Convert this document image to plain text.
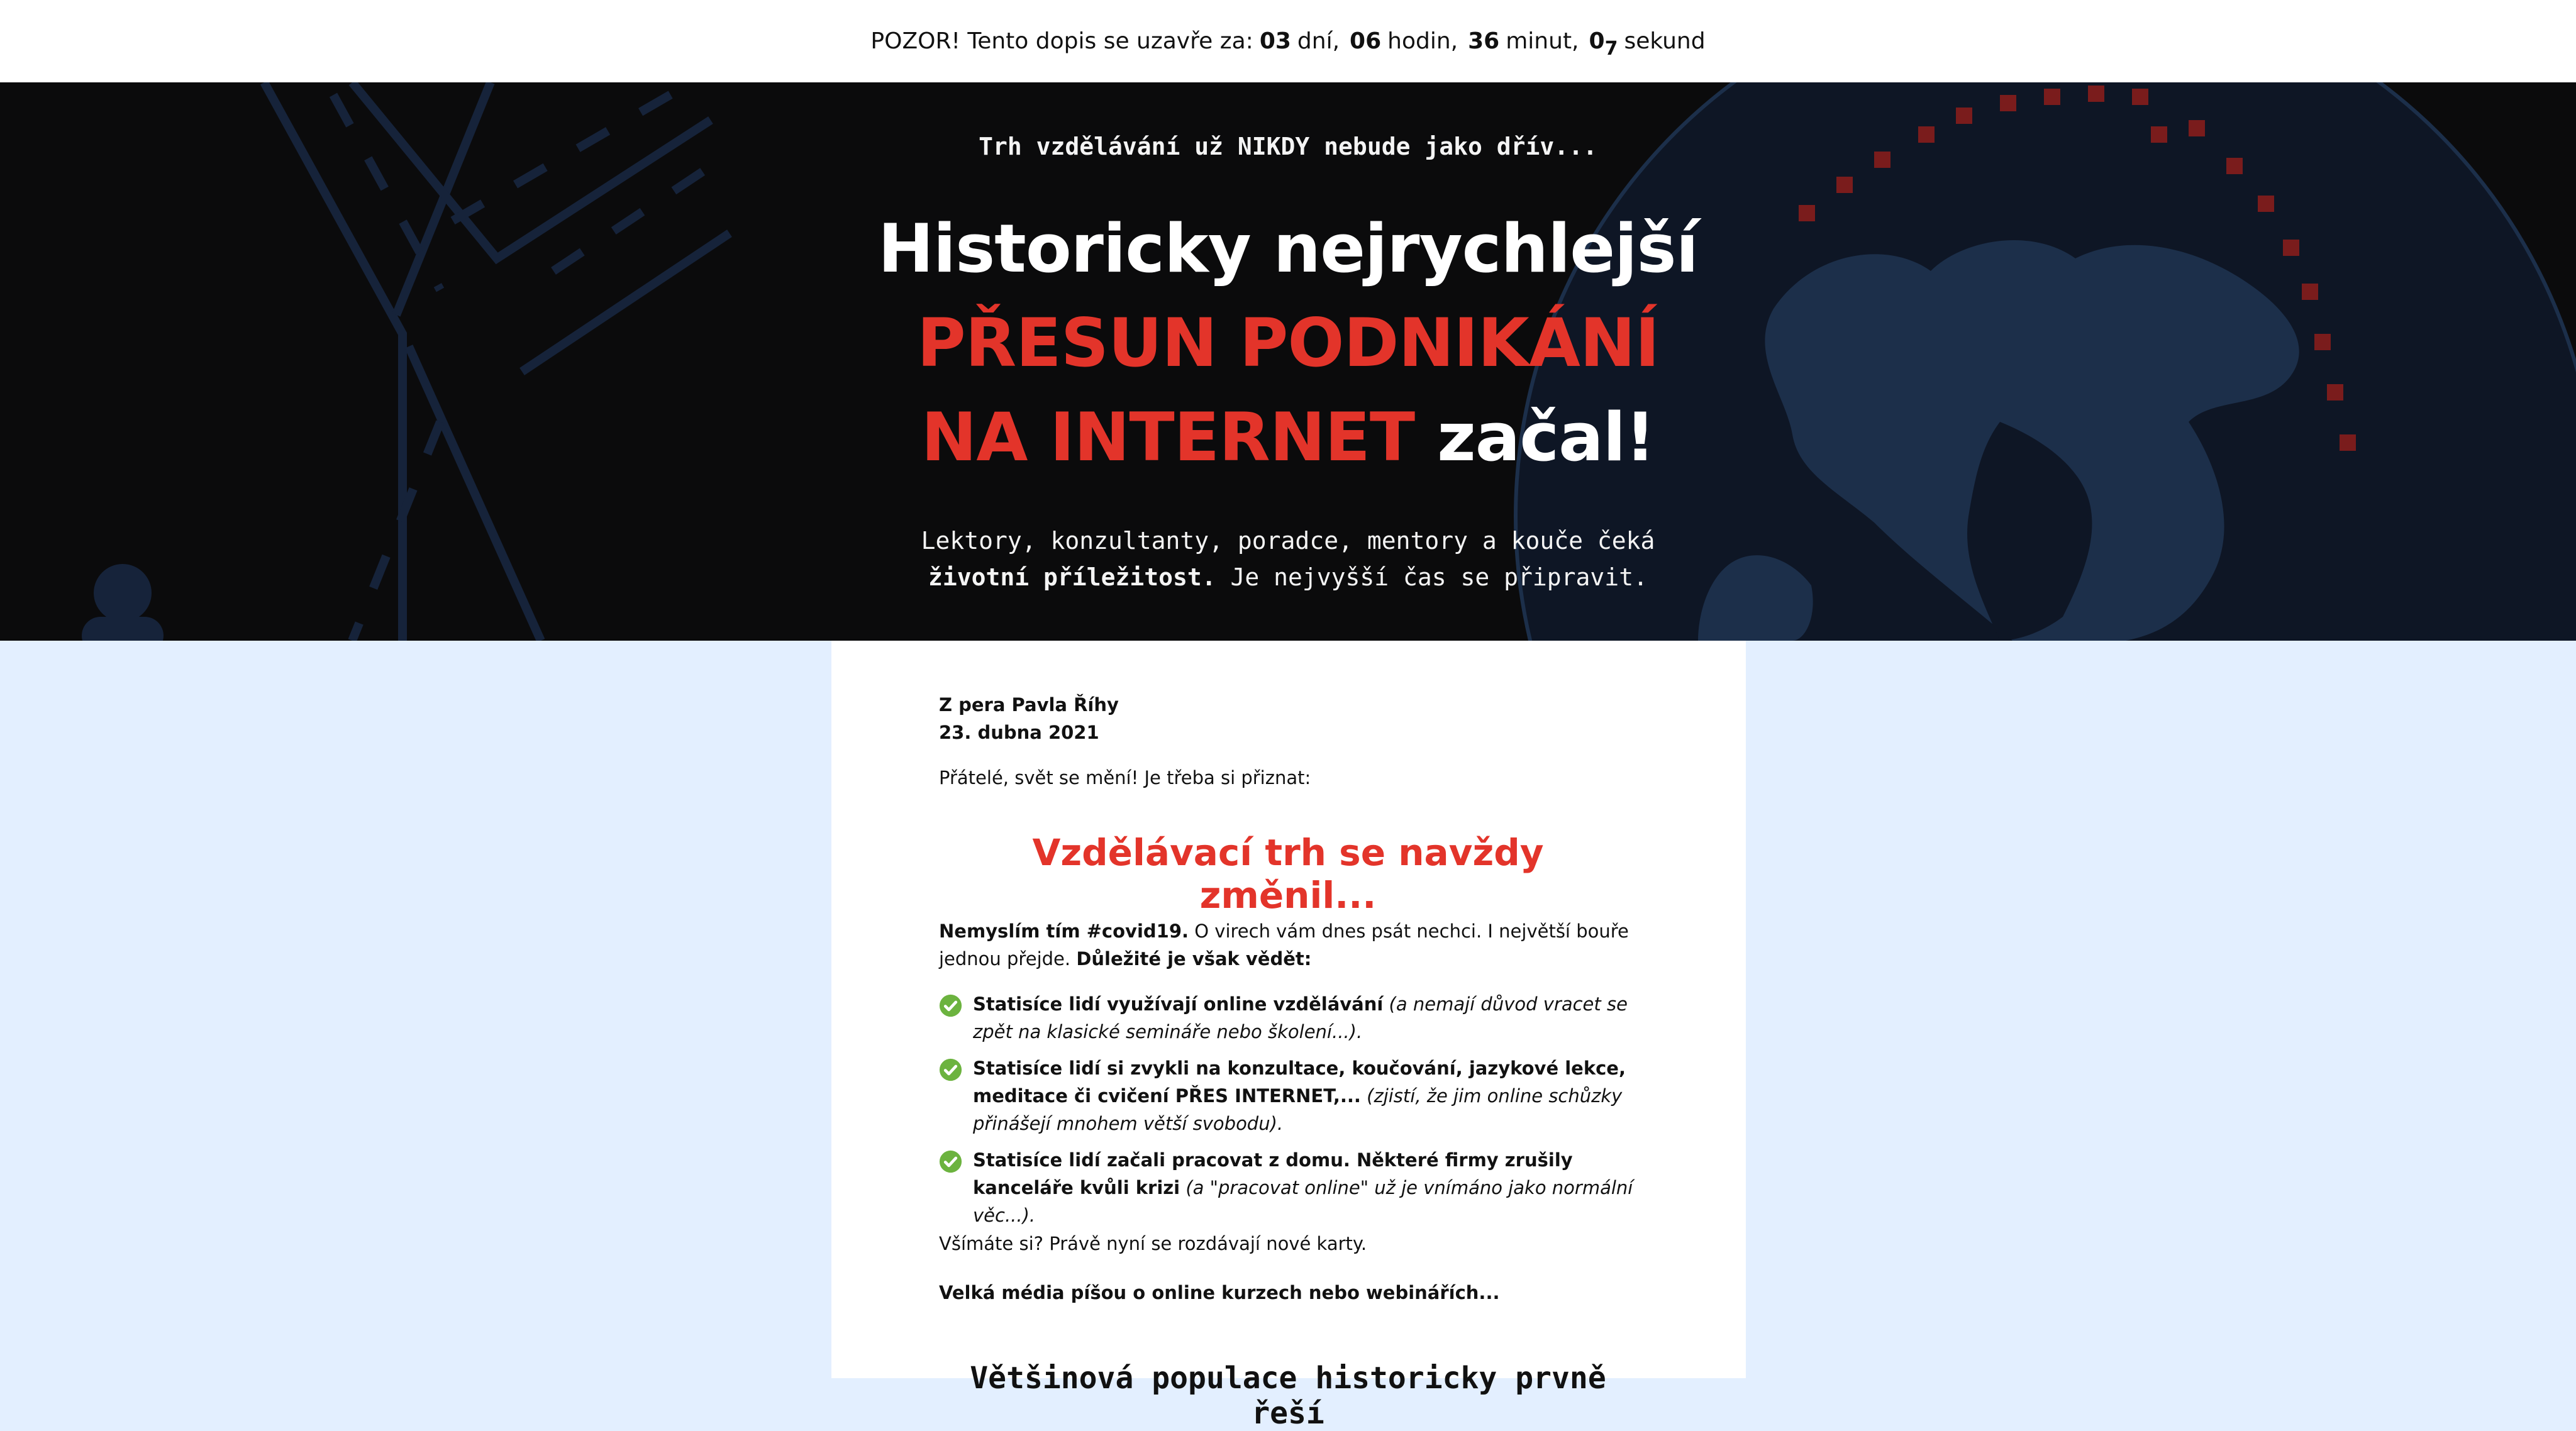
POZOR! Tento dopis se uzavře za: 03 dní, 06 hodin, 36 minut, 0 7 sekund
Trh vzdělávání už NIKDY nebude jako dřív...
Historicky nejrychlejší
PŘESUN PODNIKÁNÍ
NA INTERNET začal!
Lektory, konzultanty, poradce, mentory a kouče čeká
životní příležitost. Je nejvyšší čas se připravit.
Z pera Pavla Říhy
23. dubna 2021
Přátelé, svět se mění! Je třeba si přiznat:
Vzdělávací trh se navždy změnil...
Nemyslím tím #covid19. O virech vám dnes psát nechci. I největší bouře jednou přejde. Důležité je však vědět:
Statisíce lidí využívají online vzdělávání (a nemají důvod vracet se zpět na klasické semináře nebo školení...).
Statisíce lidí si zvykli na konzultace, koučování, jazykové lekce, meditace či cvičení PŘES INTERNET,... (zjistí, že jim online schůzky přinášejí mnohem větší svobodu).
Statisíce lidí začali pracovat z domu. Některé firmy zrušily kanceláře kvůli krizi (a "pracovat online" už je vnímáno jako normální věc...).
Všímáte si? Právě nyní se rozdávají nové karty.
Velká média píšou o online kurzech nebo webinářích...
Většinová populace historicky prvně řeší
